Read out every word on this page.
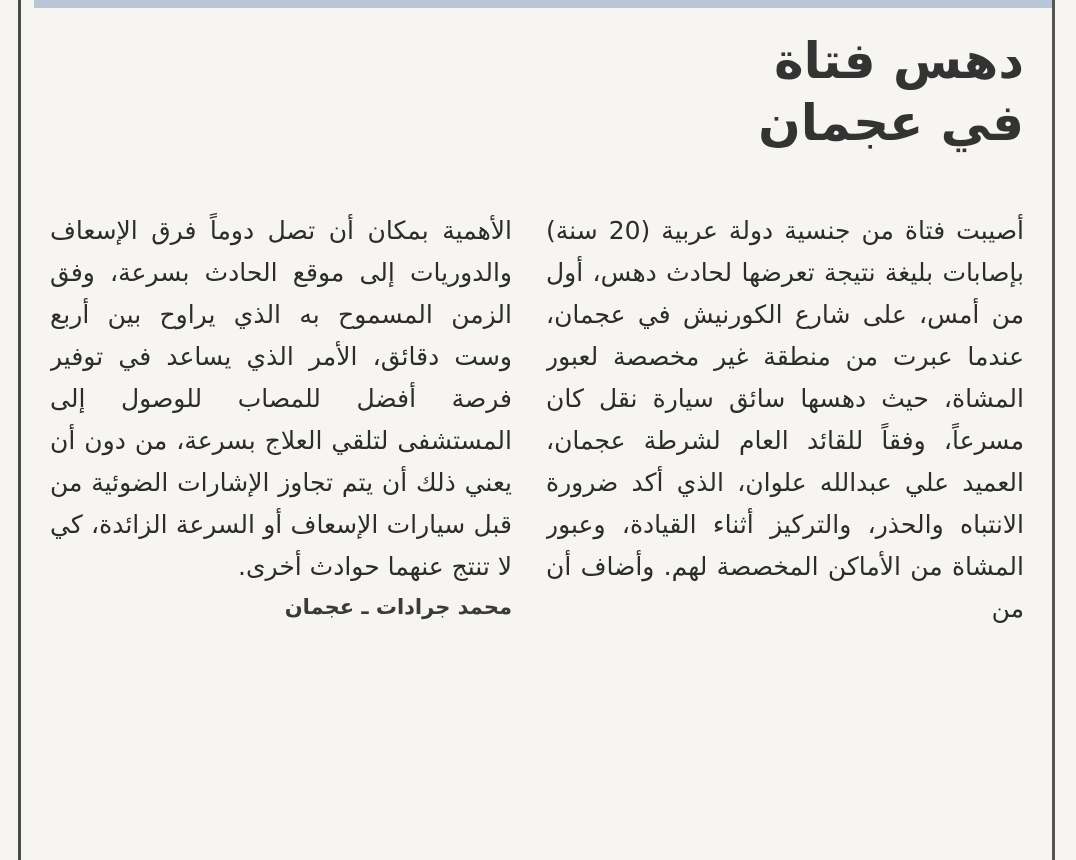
دهس فتاة
في عجمان

أصيبت فتاة من جنسية دولة عربية (20 سنة) بإصابات بليغة نتيجة تعرضها لحادث دهس، أول من أمس، على شارع الكورنيش في عجمان، عندما عبرت من منطقة غير مخصصة لعبور المشاة، حيث دهسها سائق سيارة نقل كان مسرعاً، وفقاً للقائد العام لشرطة عجمان، العميد علي عبدالله علوان، الذي أكد ضرورة الانتباه والحذر، والتركيز أثناء القيادة، وعبور المشاة من الأماكن المخصصة لهم. وأضاف أن من

الأهمية بمكان أن تصل دوماً فرق الإسعاف والدوريات إلى موقع الحادث بسرعة، وفق الزمن المسموح به الذي يراوح بين أربع وست دقائق، الأمر الذي يساعد في توفير فرصة أفضل للمصاب للوصول إلى المستشفى لتلقي العلاج بسرعة، من دون أن يعني ذلك أن يتم تجاوز الإشارات الضوئية من قبل سيارات الإسعاف أو السرعة الزائدة، كي لا تنتج عنهما حوادث أخرى.

محمد جرادات ـ عجمان
